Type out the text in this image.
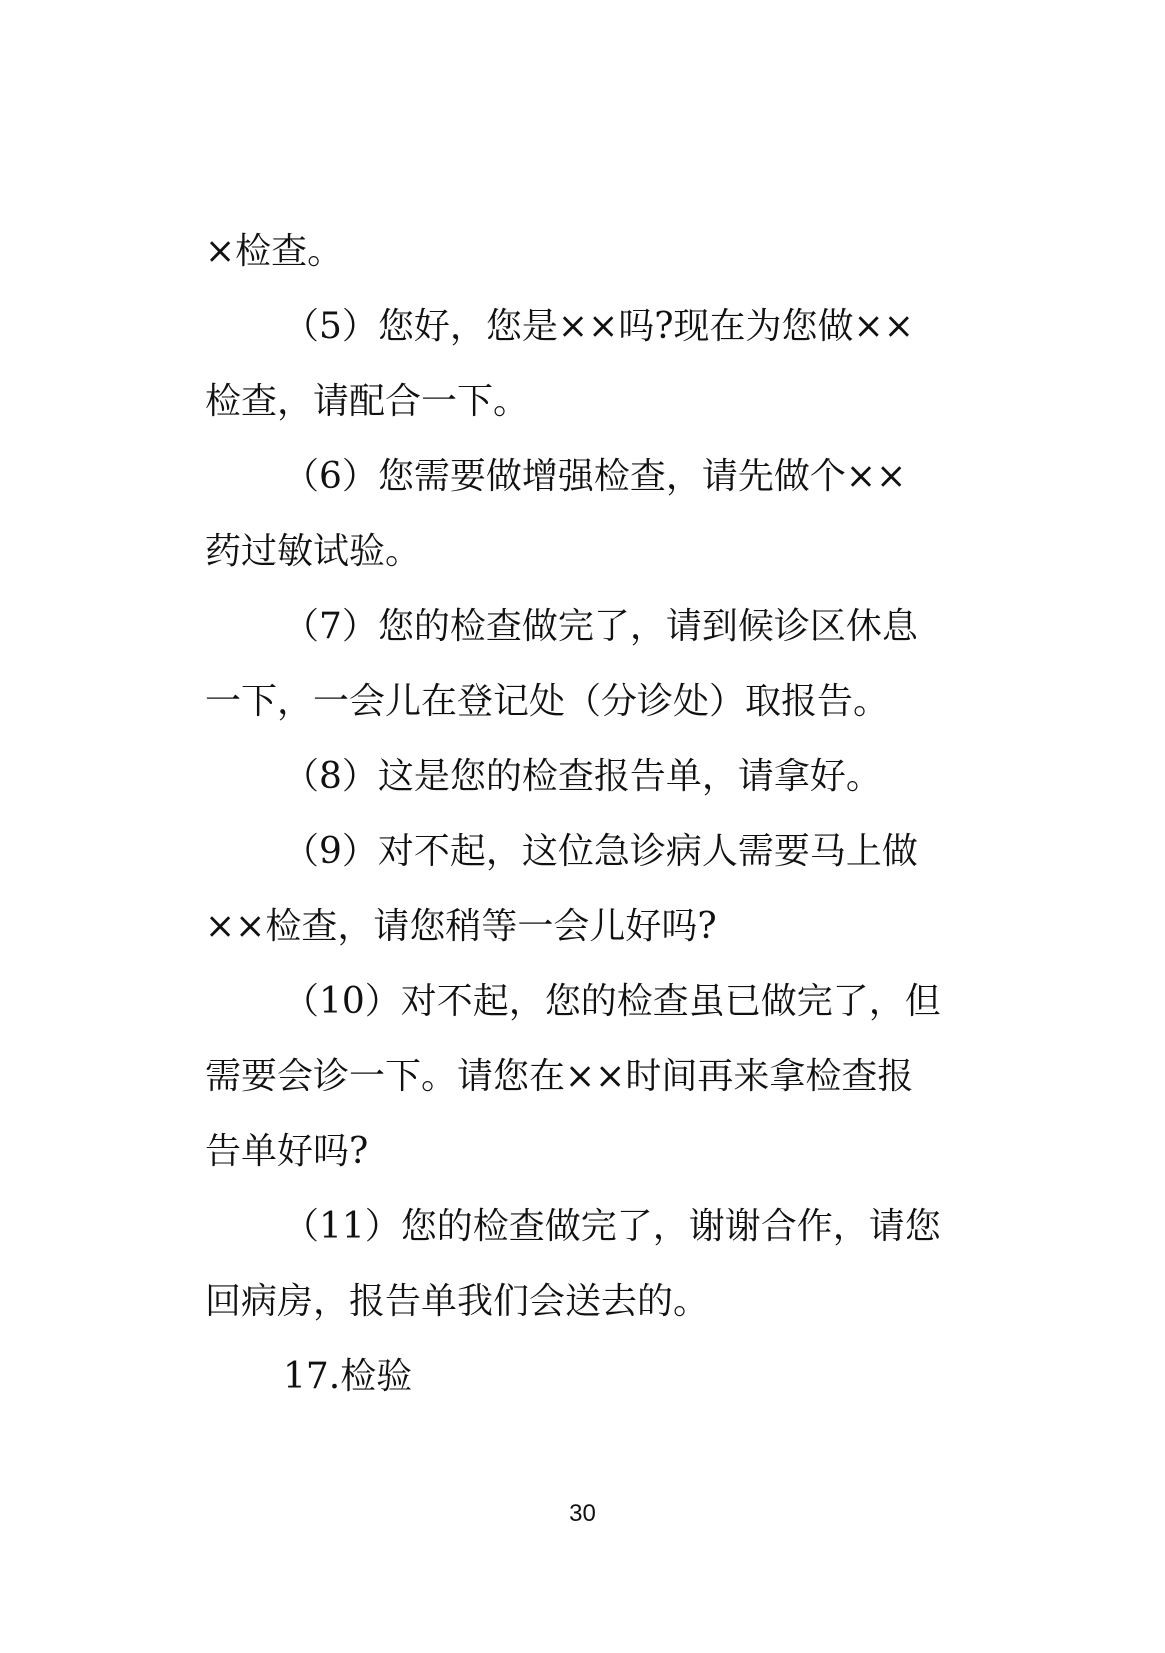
×检查。
（5）您好，您是××吗?现在为您做××
检查，请配合一下。
（6）您需要做增强检查，请先做个××
药过敏试验。
（7）您的检查做完了，请到候诊区休息
一下，一会儿在登记处（分诊处）取报告。
（8）这是您的检查报告单，请拿好。
（9）对不起，这位急诊病人需要马上做
××检查，请您稍等一会儿好吗?
（10）对不起，您的检查虽已做完了，但
需要会诊一下。请您在××时间再来拿检查报
告单好吗?
（11）您的检查做完了，谢谢合作，请您
回病房，报告单我们会送去的。
17.检验
30
